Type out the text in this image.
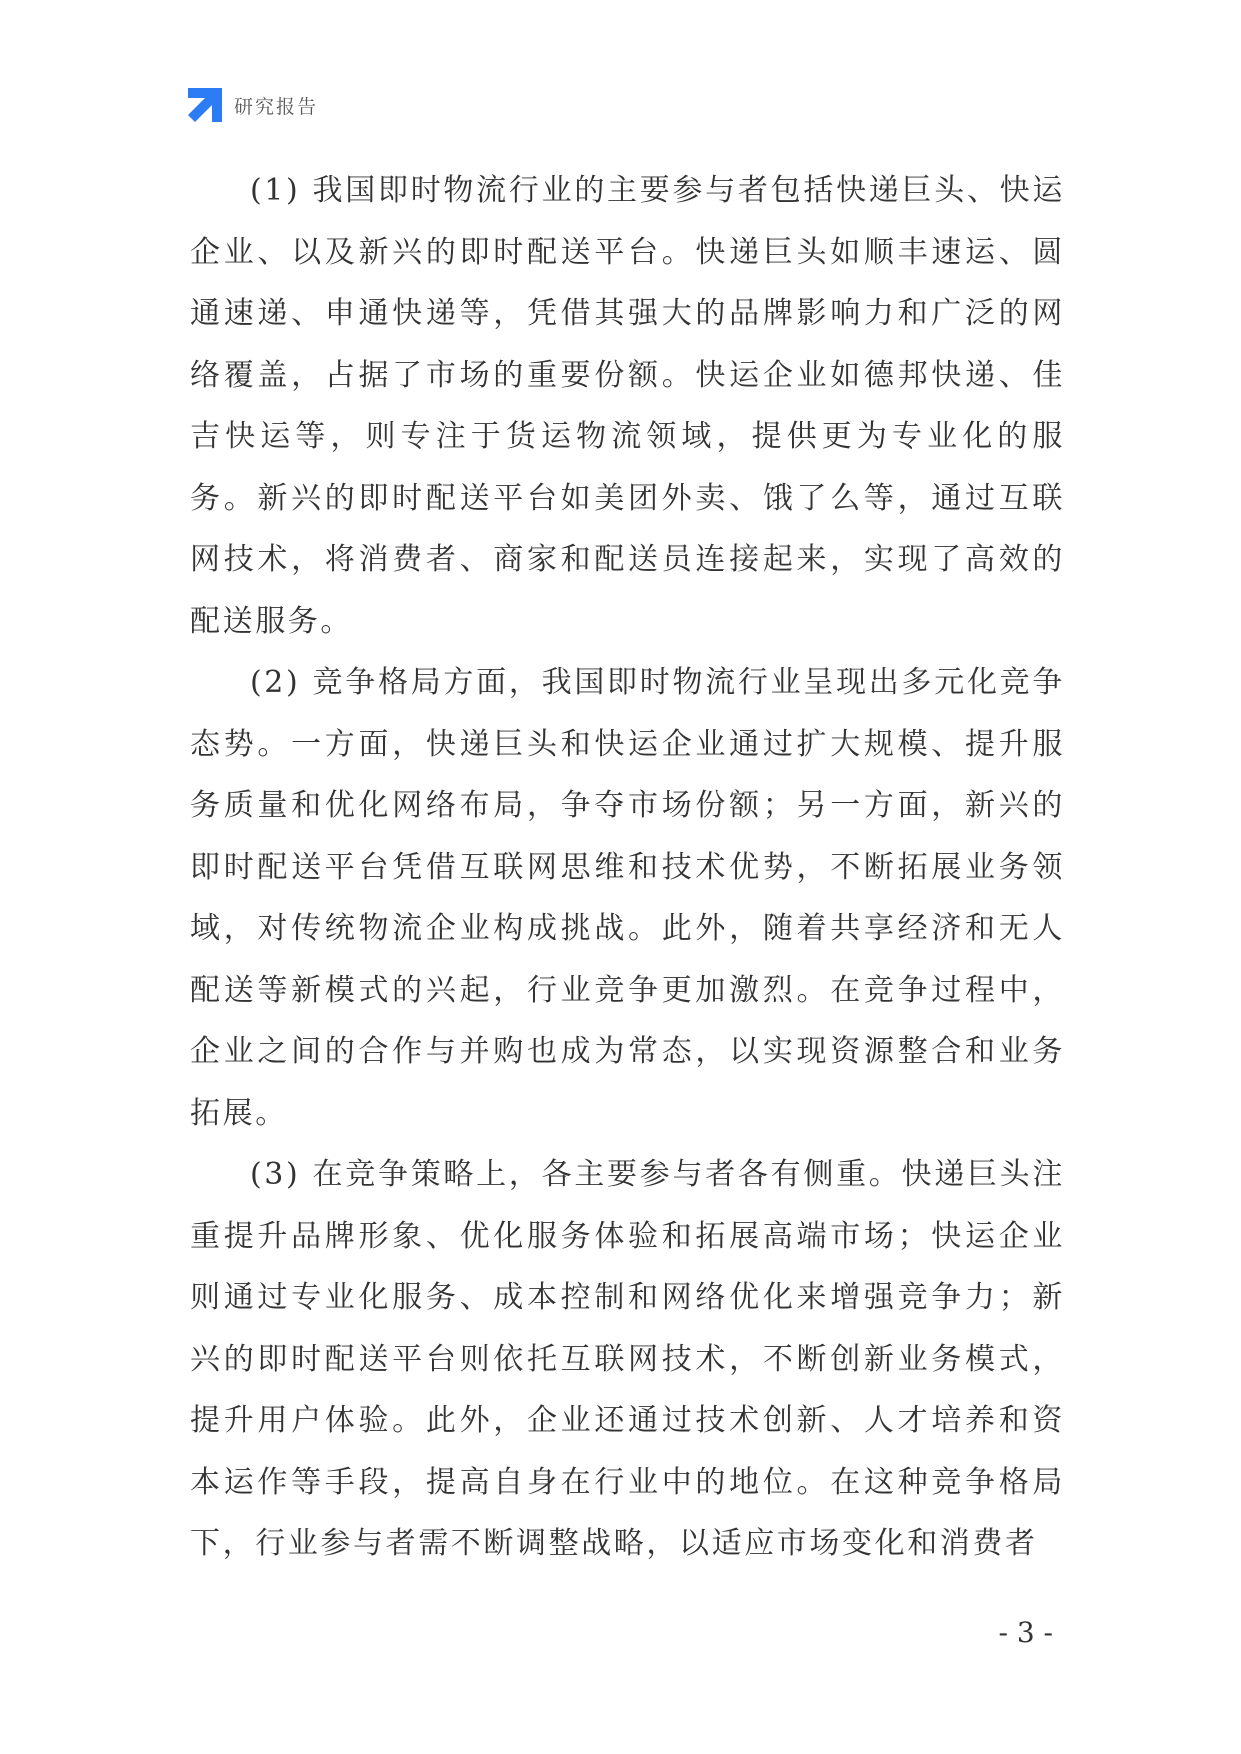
研究报告

(1) 我国即时物流行业的主要参与者包括快递巨头、快运企业、以及新兴的即时配送平台。快递巨头如顺丰速运、圆通速递、申通快递等，凭借其强大的品牌影响力和广泛的网络覆盖，占据了市场的重要份额。快运企业如德邦快递、佳吉快运等，则专注于货运物流领域，提供更为专业化的服务。新兴的即时配送平台如美团外卖、饿了么等，通过互联网技术，将消费者、商家和配送员连接起来，实现了高效的配送服务。

(2) 竞争格局方面，我国即时物流行业呈现出多元化竞争态势。一方面，快递巨头和快运企业通过扩大规模、提升服务质量和优化网络布局，争夺市场份额；另一方面，新兴的即时配送平台凭借互联网思维和技术优势，不断拓展业务领域，对传统物流企业构成挑战。此外，随着共享经济和无人配送等新模式的兴起，行业竞争更加激烈。在竞争过程中，企业之间的合作与并购也成为常态，以实现资源整合和业务拓展。

(3) 在竞争策略上，各主要参与者各有侧重。快递巨头注重提升品牌形象、优化服务体验和拓展高端市场；快运企业则通过专业化服务、成本控制和网络优化来增强竞争力；新兴的即时配送平台则依托互联网技术，不断创新业务模式，提升用户体验。此外，企业还通过技术创新、人才培养和资本运作等手段，提高自身在行业中的地位。在这种竞争格局下，行业参与者需不断调整战略，以适应市场变化和消费者

- 3 -
